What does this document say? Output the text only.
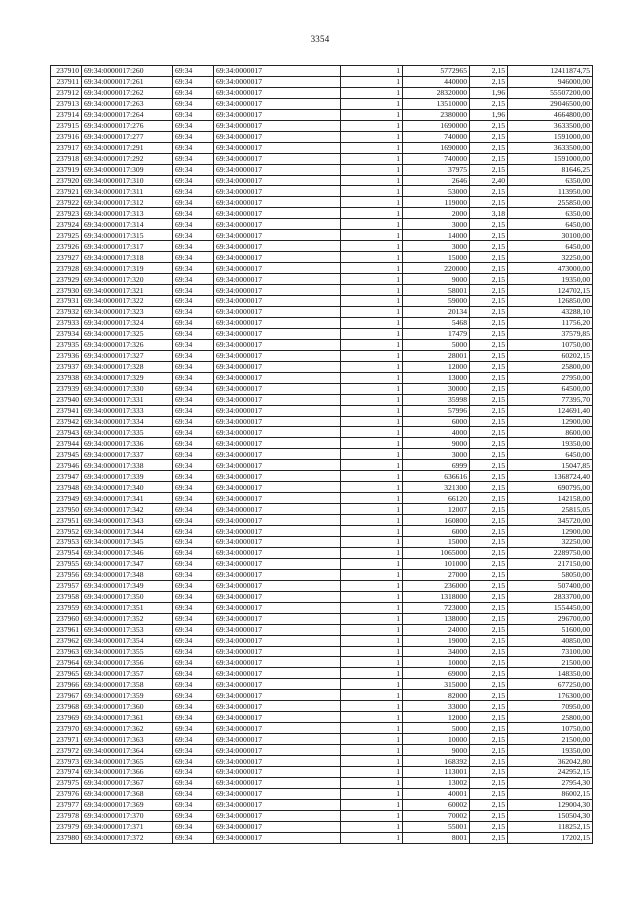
3354
237910	69:34:0000017:260	69:34	69:34:0000017	1	5772965	2,15	12411874,75
237911	69:34:0000017:261	69:34	69:34:0000017	1	440000	2,15	946000,00
237912	69:34:0000017:262	69:34	69:34:0000017	1	28320000	1,96	55507200,00
237913	69:34:0000017:263	69:34	69:34:0000017	1	13510000	2,15	29046500,00
237914	69:34:0000017:264	69:34	69:34:0000017	1	2380000	1,96	4664800,00
237915	69:34:0000017:276	69:34	69:34:0000017	1	1690000	2,15	3633500,00
237916	69:34:0000017:277	69:34	69:34:0000017	1	740000	2,15	1591000,00
237917	69:34:0000017:291	69:34	69:34:0000017	1	1690000	2,15	3633500,00
237918	69:34:0000017:292	69:34	69:34:0000017	1	740000	2,15	1591000,00
237919	69:34:0000017:309	69:34	69:34:0000017	1	37975	2,15	81646,25
237920	69:34:0000017:310	69:34	69:34:0000017	1	2646	2,40	6350,00
237921	69:34:0000017:311	69:34	69:34:0000017	1	53000	2,15	113950,00
237922	69:34:0000017:312	69:34	69:34:0000017	1	119000	2,15	255850,00
237923	69:34:0000017:313	69:34	69:34:0000017	1	2000	3,18	6350,00
237924	69:34:0000017:314	69:34	69:34:0000017	1	3000	2,15	6450,00
237925	69:34:0000017:315	69:34	69:34:0000017	1	14000	2,15	30100,00
237926	69:34:0000017:317	69:34	69:34:0000017	1	3000	2,15	6450,00
237927	69:34:0000017:318	69:34	69:34:0000017	1	15000	2,15	32250,00
237928	69:34:0000017:319	69:34	69:34:0000017	1	220000	2,15	473000,00
237929	69:34:0000017:320	69:34	69:34:0000017	1	9000	2,15	19350,00
237930	69:34:0000017:321	69:34	69:34:0000017	1	58001	2,15	124702,15
237931	69:34:0000017:322	69:34	69:34:0000017	1	59000	2,15	126850,00
237932	69:34:0000017:323	69:34	69:34:0000017	1	20134	2,15	43288,10
237933	69:34:0000017:324	69:34	69:34:0000017	1	5468	2,15	11756,20
237934	69:34:0000017:325	69:34	69:34:0000017	1	17479	2,15	37579,85
237935	69:34:0000017:326	69:34	69:34:0000017	1	5000	2,15	10750,00
237936	69:34:0000017:327	69:34	69:34:0000017	1	28001	2,15	60202,15
237937	69:34:0000017:328	69:34	69:34:0000017	1	12000	2,15	25800,00
237938	69:34:0000017:329	69:34	69:34:0000017	1	13000	2,15	27950,00
237939	69:34:0000017:330	69:34	69:34:0000017	1	30000	2,15	64500,00
237940	69:34:0000017:331	69:34	69:34:0000017	1	35998	2,15	77395,70
237941	69:34:0000017:333	69:34	69:34:0000017	1	57996	2,15	124691,40
237942	69:34:0000017:334	69:34	69:34:0000017	1	6000	2,15	12900,00
237943	69:34:0000017:335	69:34	69:34:0000017	1	4000	2,15	8600,00
237944	69:34:0000017:336	69:34	69:34:0000017	1	9000	2,15	19350,00
237945	69:34:0000017:337	69:34	69:34:0000017	1	3000	2,15	6450,00
237946	69:34:0000017:338	69:34	69:34:0000017	1	6999	2,15	15047,85
237947	69:34:0000017:339	69:34	69:34:0000017	1	636616	2,15	1368724,40
237948	69:34:0000017:340	69:34	69:34:0000017	1	321300	2,15	690795,00
237949	69:34:0000017:341	69:34	69:34:0000017	1	66120	2,15	142158,00
237950	69:34:0000017:342	69:34	69:34:0000017	1	12007	2,15	25815,05
237951	69:34:0000017:343	69:34	69:34:0000017	1	160800	2,15	345720,00
237952	69:34:0000017:344	69:34	69:34:0000017	1	6000	2,15	12900,00
237953	69:34:0000017:345	69:34	69:34:0000017	1	15000	2,15	32250,00
237954	69:34:0000017:346	69:34	69:34:0000017	1	1065000	2,15	2289750,00
237955	69:34:0000017:347	69:34	69:34:0000017	1	101000	2,15	217150,00
237956	69:34:0000017:348	69:34	69:34:0000017	1	27000	2,15	58050,00
237957	69:34:0000017:349	69:34	69:34:0000017	1	236000	2,15	507400,00
237958	69:34:0000017:350	69:34	69:34:0000017	1	1318000	2,15	2833700,00
237959	69:34:0000017:351	69:34	69:34:0000017	1	723000	2,15	1554450,00
237960	69:34:0000017:352	69:34	69:34:0000017	1	138000	2,15	296700,00
237961	69:34:0000017:353	69:34	69:34:0000017	1	24000	2,15	51600,00
237962	69:34:0000017:354	69:34	69:34:0000017	1	19000	2,15	40850,00
237963	69:34:0000017:355	69:34	69:34:0000017	1	34000	2,15	73100,00
237964	69:34:0000017:356	69:34	69:34:0000017	1	10000	2,15	21500,00
237965	69:34:0000017:357	69:34	69:34:0000017	1	69000	2,15	148350,00
237966	69:34:0000017:358	69:34	69:34:0000017	1	315000	2,15	677250,00
237967	69:34:0000017:359	69:34	69:34:0000017	1	82000	2,15	176300,00
237968	69:34:0000017:360	69:34	69:34:0000017	1	33000	2,15	70950,00
237969	69:34:0000017:361	69:34	69:34:0000017	1	12000	2,15	25800,00
237970	69:34:0000017:362	69:34	69:34:0000017	1	5000	2,15	10750,00
237971	69:34:0000017:363	69:34	69:34:0000017	1	10000	2,15	21500,00
237972	69:34:0000017:364	69:34	69:34:0000017	1	9000	2,15	19350,00
237973	69:34:0000017:365	69:34	69:34:0000017	1	168392	2,15	362042,80
237974	69:34:0000017:366	69:34	69:34:0000017	1	113001	2,15	242952,15
237975	69:34:0000017:367	69:34	69:34:0000017	1	13002	2,15	27954,30
237976	69:34:0000017:368	69:34	69:34:0000017	1	40001	2,15	86002,15
237977	69:34:0000017:369	69:34	69:34:0000017	1	60002	2,15	129004,30
237978	69:34:0000017:370	69:34	69:34:0000017	1	70002	2,15	150504,30
237979	69:34:0000017:371	69:34	69:34:0000017	1	55001	2,15	118252,15
237980	69:34:0000017:372	69:34	69:34:0000017	1	8001	2,15	17202,15
